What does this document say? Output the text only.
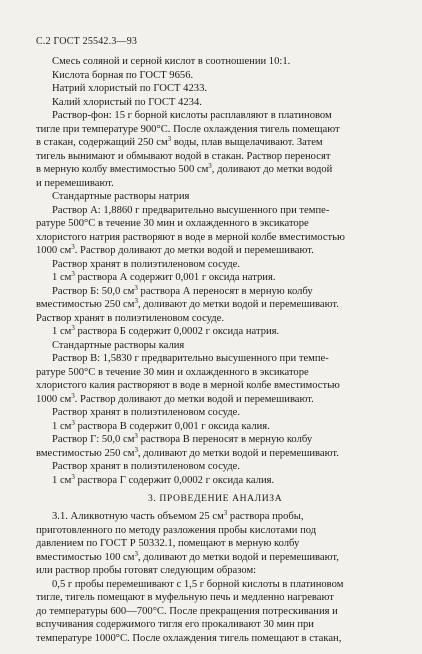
С.2 ГОСТ 25542.3—93
Смесь соляной и серной кислот в соотношении 10:1.
Кислота борная по ГОСТ 9656.
Натрий хлористый по ГОСТ 4233.
Калий хлористый по ГОСТ 4234.
Раствор-фон: 15 г борной кислоты расплавляют в платиновом
тигле при температуре 900°С. После охлаждения тигель помещают
в стакан, содержащий 250 $см^3$ воды, плав выщелачивают. Затем
тигель вынимают и обмывают водой в стакан. Раствор переносят
в мерную колбу вместимостью 500 $см^3$, доливают до метки водой
и перемешивают.
Стандартные растворы натрия
Раствор А: 1,8860 г предварительно высушенного при темпе-
ратуре 500°С в течение 30 мин и охлажденного в эксикаторе
хлористого натрия растворяют в воде в мерной колбе вместимостью
1000 $см^3$. Раствор доливают до метки водой и перемешивают.
Раствор хранят в полиэтиленовом сосуде.
1 $см^3$ раствора А содержит 0,001 г оксида натрия.
Раствор Б: 50,0 $см^3$ раствора А переносят в мерную колбу
вместимостью 250 $см^3$, доливают до метки водой и перемешивают.
Раствор хранят в полиэтиленовом сосуде.
1 $см^3$ раствора Б содержит 0,0002 г оксида натрия.
Стандартные растворы калия
Раствор В: 1,5830 г предварительно высушенного при темпе-
ратуре 500°С в течение 30 мин и охлажденного в эксикаторе
хлористого калия растворяют в воде в мерной колбе вместимостью
1000 $см^3$. Раствор доливают до метки водой и перемешивают.
Раствор хранят в полиэтиленовом сосуде.
1 $см^3$ раствора В содержит 0,001 г оксида калия.
Раствор Г: 50,0 $см^3$ раствора В переносят в мерную колбу
вместимостью 250 $см^3$, доливают до метки водой и перемешивают.
Раствор хранят в полиэтиленовом сосуде.
1 $см^3$ раствора Г содержит 0,0002 г оксида калия.
3. ПРОВЕДЕНИЕ АНАЛИЗА
3.1. Аликвотную часть объемом 25 $см^3$ раствора пробы,
приготовленного по методу разложения пробы кислотами под
давлением по ГОСТ Р 50332.1, помещают в мерную колбу
вместимостью 100 $см^3$, доливают до метки водой и перемешивают,
или раствор пробы готовят следующим образом:
0,5 г пробы перемешивают с 1,5 г борной кислоты в платиновом
тигле, тигель помещают в муфельную печь и медленно нагревают
до температуры 600—700°С. После прекращения потрескивания и
вспучивания содержимого тигля его прокаливают 30 мин при
температуре 1000°С. После охлаждения тигель помещают в стакан,
